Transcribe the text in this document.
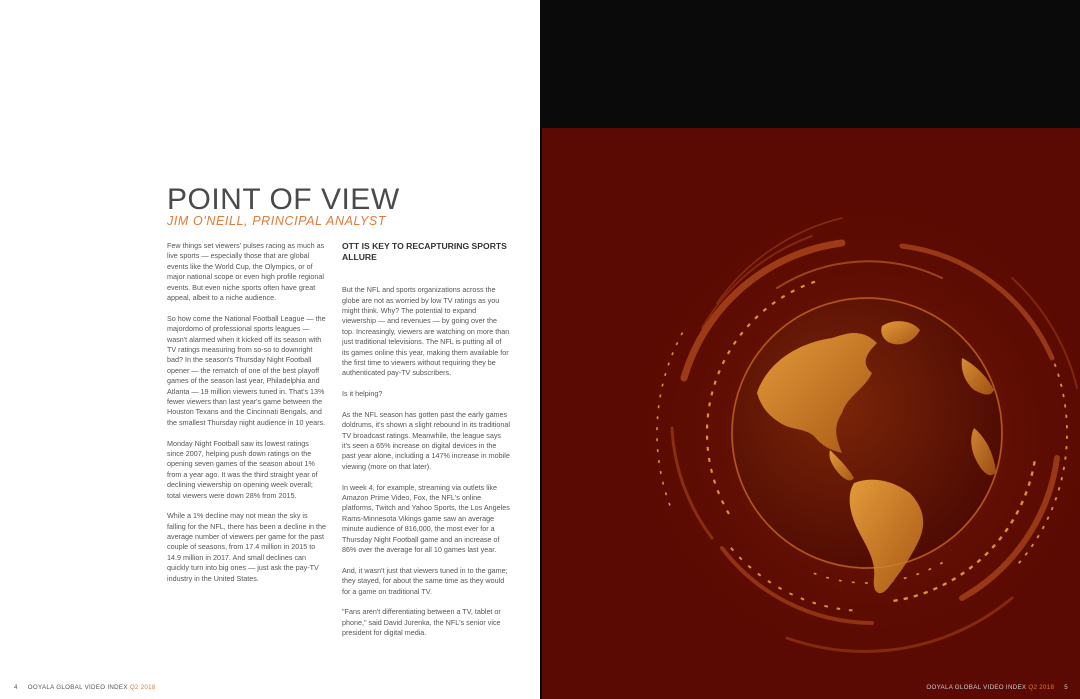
POINT OF VIEW
JIM O'NEILL, PRINCIPAL ANALYST

Few things set viewers' pulses racing as much as live sports — especially those that are global events like the World Cup, the Olympics, or of major national scope or even high profile regional events. But even niche sports often have great appeal, albeit to a niche audience.

So how come the National Football League — the majordomo of professional sports leagues — wasn't alarmed when it kicked off its season with TV ratings measuring from so-so to downright bad? In the season's Thursday Night Football opener — the rematch of one of the best playoff games of the season last year, Philadelphia and Atlanta — 19 million viewers tuned in. That's 13% fewer viewers than last year's game between the Houston Texans and the Cincinnati Bengals, and the smallest Thursday night audience in 10 years.

Monday Night Football saw its lowest ratings since 2007, helping push down ratings on the opening seven games of the season about 1% from a year ago. It was the third straight year of declining viewership on opening week overall; total viewers were down 28% from 2015.

While a 1% decline may not mean the sky is falling for the NFL, there has been a decline in the average number of viewers per game for the past couple of seasons, from 17.4 million in 2015 to 14.9 million in 2017. And small declines can quickly turn into big ones — just ask the pay-TV industry in the United States.

OTT IS KEY TO RECAPTURING SPORTS ALLURE

But the NFL and sports organizations across the globe are not as worried by low TV ratings as you might think. Why? The potential to expand viewership — and revenues — by going over the top. Increasingly, viewers are watching on more than just traditional televisions. The NFL is putting all of its games online this year, making them available for the first time to viewers without requiring they be authenticated pay-TV subscribers.

Is it helping?

As the NFL season has gotten past the early games doldrums, it's shown a slight rebound in its traditional TV broadcast ratings. Meanwhile, the league says it's seen a 65% increase on digital devices in the past year alone, including a 147% increase in mobile viewing (more on that later).

In week 4, for example, streaming via outlets like Amazon Prime Video, Fox, the NFL's online platforms, Twitch and Yahoo Sports, the Los Angeles Rams-Minnesota Vikings game saw an average minute audience of 816,000, the most ever for a Thursday Night Football game and an increase of 86% over the average for all 10 games last year.

And, it wasn't just that viewers tuned in to the game; they stayed, for about the same time as they would for a game on traditional TV.

"Fans aren't differentiating between a TV, tablet or phone," said David Jurenka, the NFL's senior vice president for digital media.

4 OOYALA GLOBAL VIDEO INDEX Q2 2018	OOYALA GLOBAL VIDEO INDEX Q2 2018 5
